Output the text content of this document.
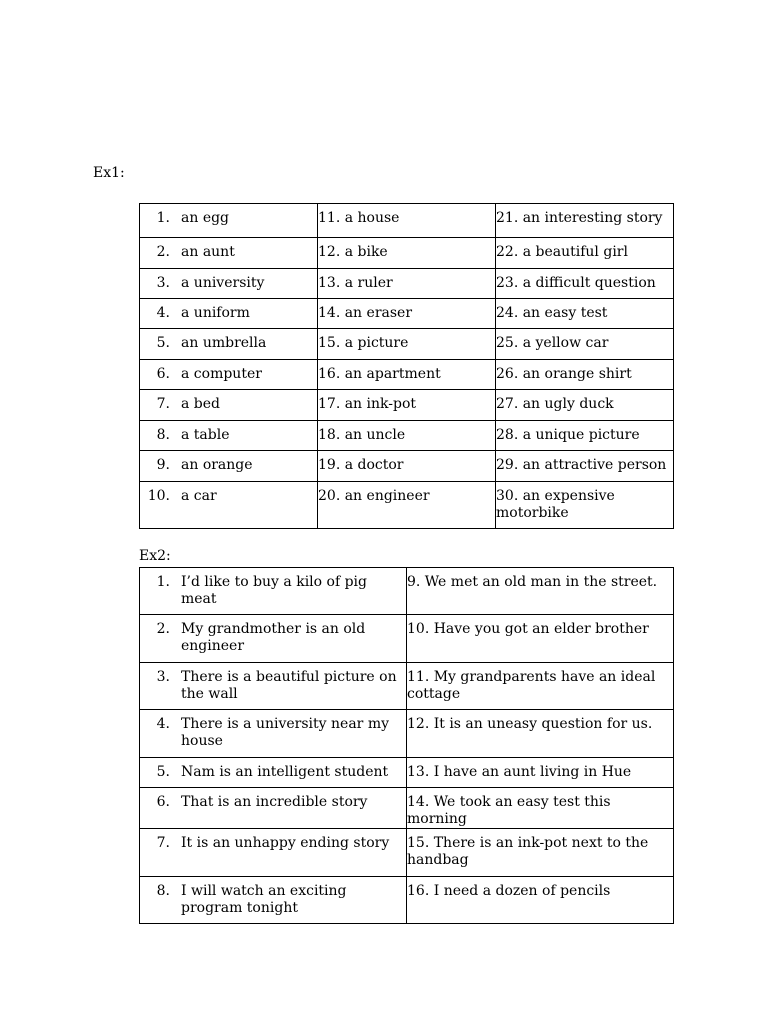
Ex1:
1. an egg	11. a house	21. an interesting story

2. an aunt	12. a bike	22. a beautiful girl

3. a university	13. a ruler	23. a difficult question

4. a uniform	14. an eraser	24. an easy test

5. an umbrella	15. a picture	25. a yellow car

6. a computer	16. an apartment	26. an orange shirt

7. a bed	17. an ink-pot	27. an ugly duck

8. a table	18. an uncle	28. a unique picture

9. an orange	19. a doctor	29. an attractive person

10. a car	20. an engineer	30. an expensive motorbike
Ex2:
1. I’d like to buy a kilo of pig meat	9. We met an old man in the street.

2. My grandmother is an old engineer	10. Have you got an elder brother

3. There is a beautiful picture on the wall	11. My grandparents have an ideal cottage

4. There is a university near my house	12. It is an uneasy question for us.

5. Nam is an intelligent student	13. I have an aunt living in Hue

6. That is an incredible story	14. We took an easy test this morning

7. It is an unhappy ending story	15. There is an ink-pot next to the handbag

8. I will watch an exciting program tonight	16. I need a dozen of pencils
